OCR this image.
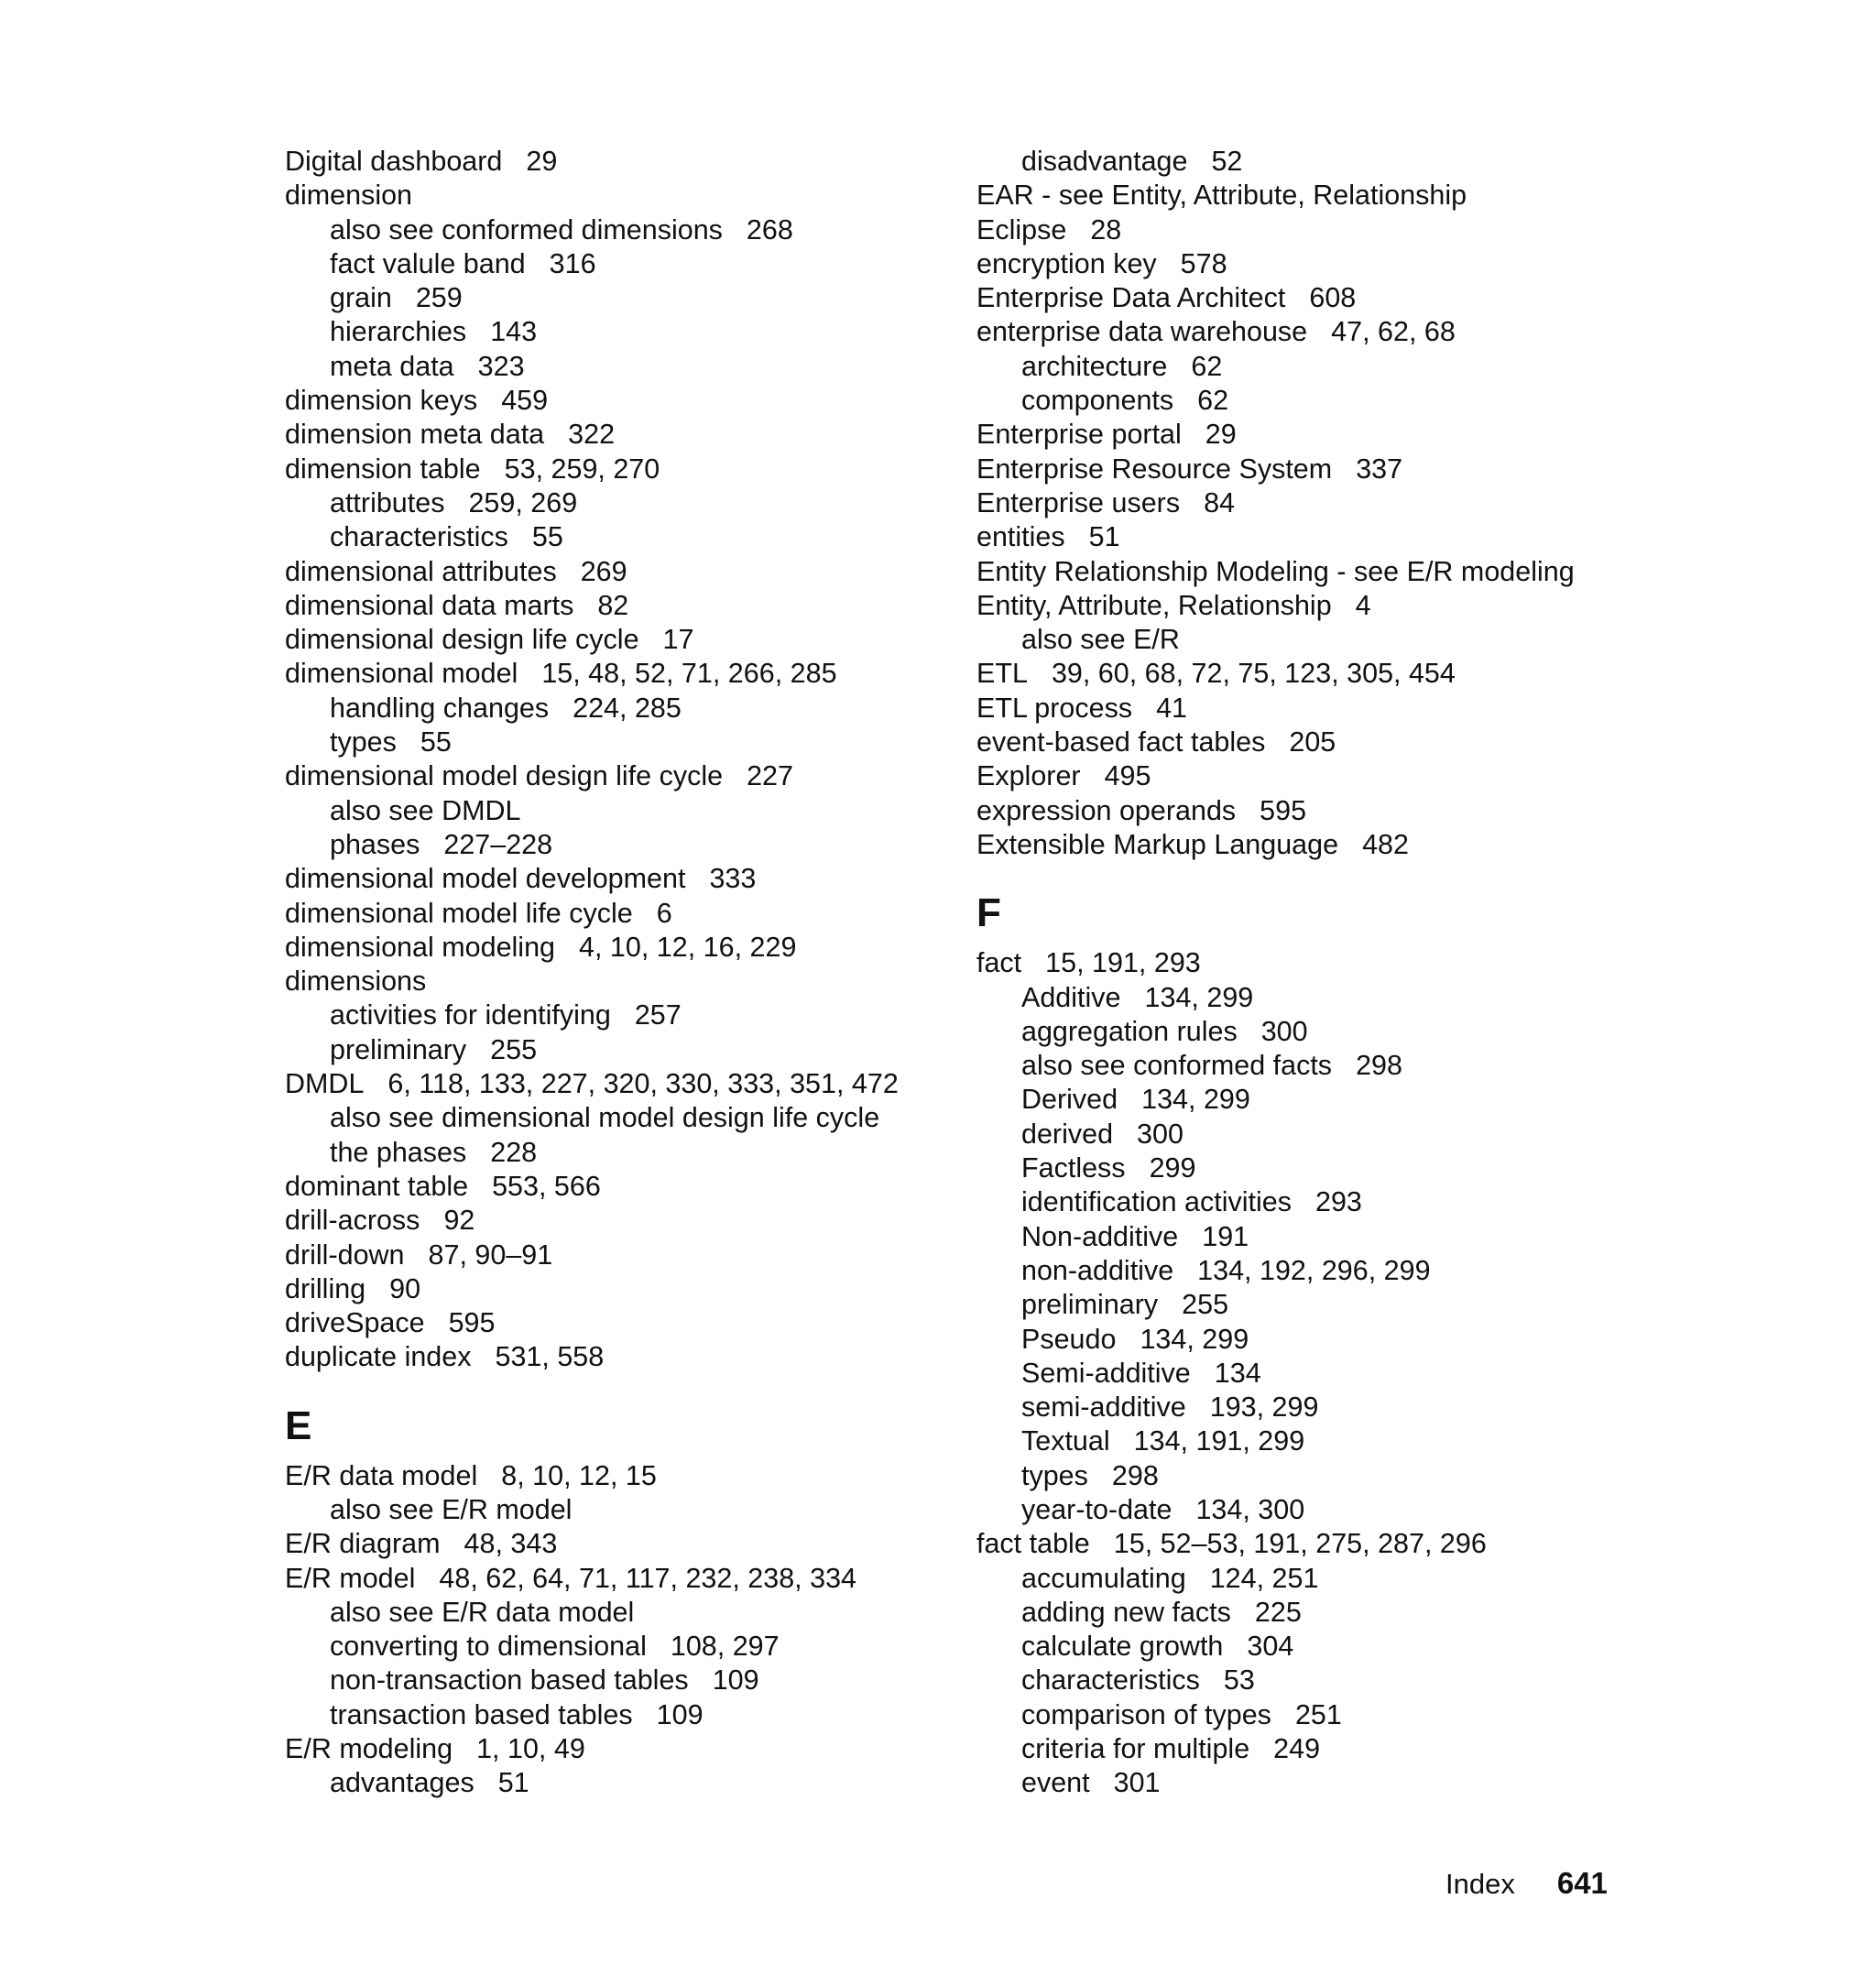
Digital dashboard 29
dimension
also see conformed dimensions 268
fact valule band 316
grain 259
hierarchies 143
meta data 323
dimension keys 459
dimension meta data 322
dimension table 53, 259, 270
attributes 259, 269
characteristics 55
dimensional attributes 269
dimensional data marts 82
dimensional design life cycle 17
dimensional model 15, 48, 52, 71, 266, 285
handling changes 224, 285
types 55
dimensional model design life cycle 227
also see DMDL
phases 227–228
dimensional model development 333
dimensional model life cycle 6
dimensional modeling 4, 10, 12, 16, 229
dimensions
activities for identifying 257
preliminary 255
DMDL 6, 118, 133, 227, 320, 330, 333, 351, 472
also see dimensional model design life cycle
the phases 228
dominant table 553, 566
drill-across 92
drill-down 87, 90–91
drilling 90
driveSpace 595
duplicate index 531, 558
E
E/R data model 8, 10, 12, 15
also see E/R model
E/R diagram 48, 343
E/R model 48, 62, 64, 71, 117, 232, 238, 334
also see E/R data model
converting to dimensional 108, 297
non-transaction based tables 109
transaction based tables 109
E/R modeling 1, 10, 49
advantages 51
disadvantage 52
EAR - see Entity, Attribute, Relationship
Eclipse 28
encryption key 578
Enterprise Data Architect 608
enterprise data warehouse 47, 62, 68
architecture 62
components 62
Enterprise portal 29
Enterprise Resource System 337
Enterprise users 84
entities 51
Entity Relationship Modeling - see E/R modeling
Entity, Attribute, Relationship 4
also see E/R
ETL 39, 60, 68, 72, 75, 123, 305, 454
ETL process 41
event-based fact tables 205
Explorer 495
expression operands 595
Extensible Markup Language 482
F
fact 15, 191, 293
Additive 134, 299
aggregation rules 300
also see conformed facts 298
Derived 134, 299
derived 300
Factless 299
identification activities 293
Non-additive 191
non-additive 134, 192, 296, 299
preliminary 255
Pseudo 134, 299
Semi-additive 134
semi-additive 193, 299
Textual 134, 191, 299
types 298
year-to-date 134, 300
fact table 15, 52–53, 191, 275, 287, 296
accumulating 124, 251
adding new facts 225
calculate growth 304
characteristics 53
comparison of types 251
criteria for multiple 249
event 301
Index 641
